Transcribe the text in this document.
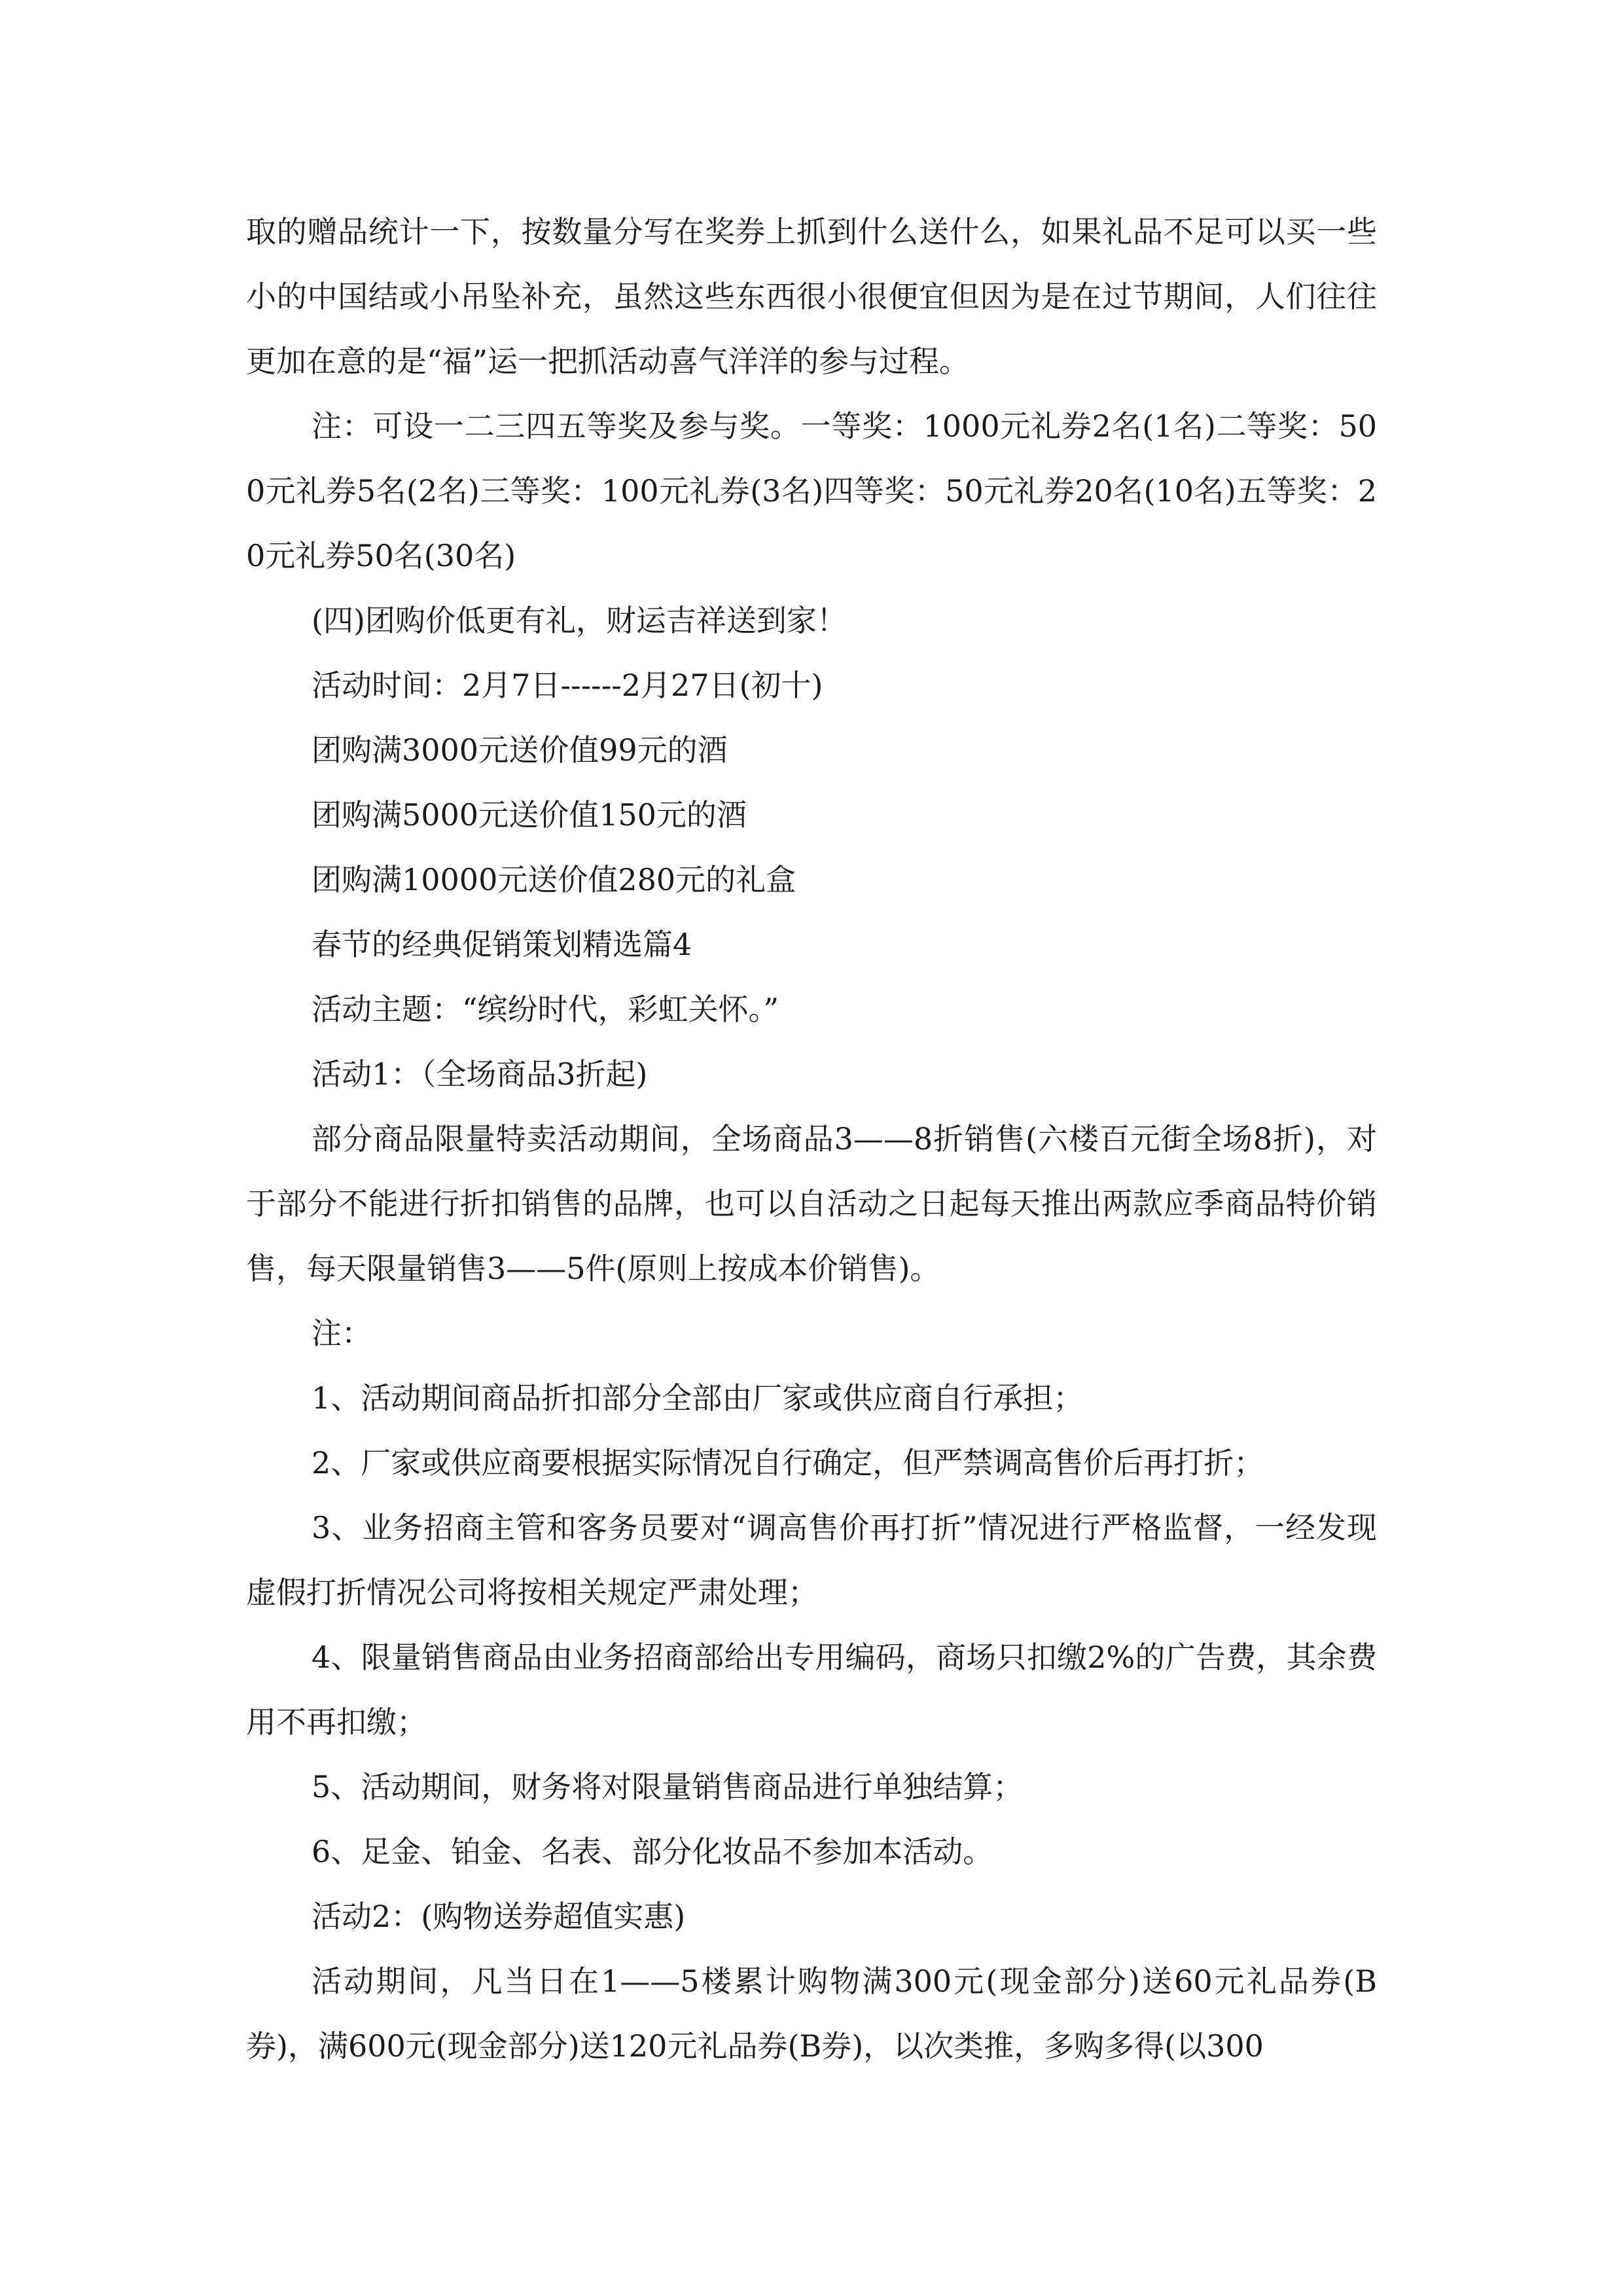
取的赠品统计一下，按数量分写在奖券上抓到什么送什么，如果礼品不足可以买一些小的中国结或小吊坠补充，虽然这些东西很小很便宜但因为是在过节期间，人们往往更加在意的是“福”运一把抓活动喜气洋洋的参与过程。

注：可设一二三四五等奖及参与奖。一等奖：1000元礼券2名(1名)二等奖：500元礼券5名(2名)三等奖：100元礼券(3名)四等奖：50元礼券20名(10名)五等奖：20元礼券50名(30名)

(四)团购价低更有礼，财运吉祥送到家！

活动时间：2月7日------2月27日(初十)

团购满3000元送价值99元的酒

团购满5000元送价值150元的酒

团购满10000元送价值280元的礼盒

春节的经典促销策划精选篇4

活动主题：“缤纷时代，彩虹关怀。”

活动1：（全场商品3折起)

部分商品限量特卖活动期间，全场商品3——8折销售(六楼百元街全场8折)，对于部分不能进行折扣销售的品牌，也可以自活动之日起每天推出两款应季商品特价销售，每天限量销售3——5件(原则上按成本价销售)。

注：

1、活动期间商品折扣部分全部由厂家或供应商自行承担；

2、厂家或供应商要根据实际情况自行确定，但严禁调高售价后再打折；

3、业务招商主管和客务员要对“调高售价再打折”情况进行严格监督，一经发现虚假打折情况公司将按相关规定严肃处理；

4、限量销售商品由业务招商部给出专用编码，商场只扣缴2%的广告费，其余费用不再扣缴；

5、活动期间，财务将对限量销售商品进行单独结算；

6、足金、铂金、名表、部分化妆品不参加本活动。

活动2：(购物送券超值实惠)

活动期间，凡当日在1——5楼累计购物满300元(现金部分)送60元礼品券(B券)，满600元(现金部分)送120元礼品券(B券)，以次类推，多购多得(以300
